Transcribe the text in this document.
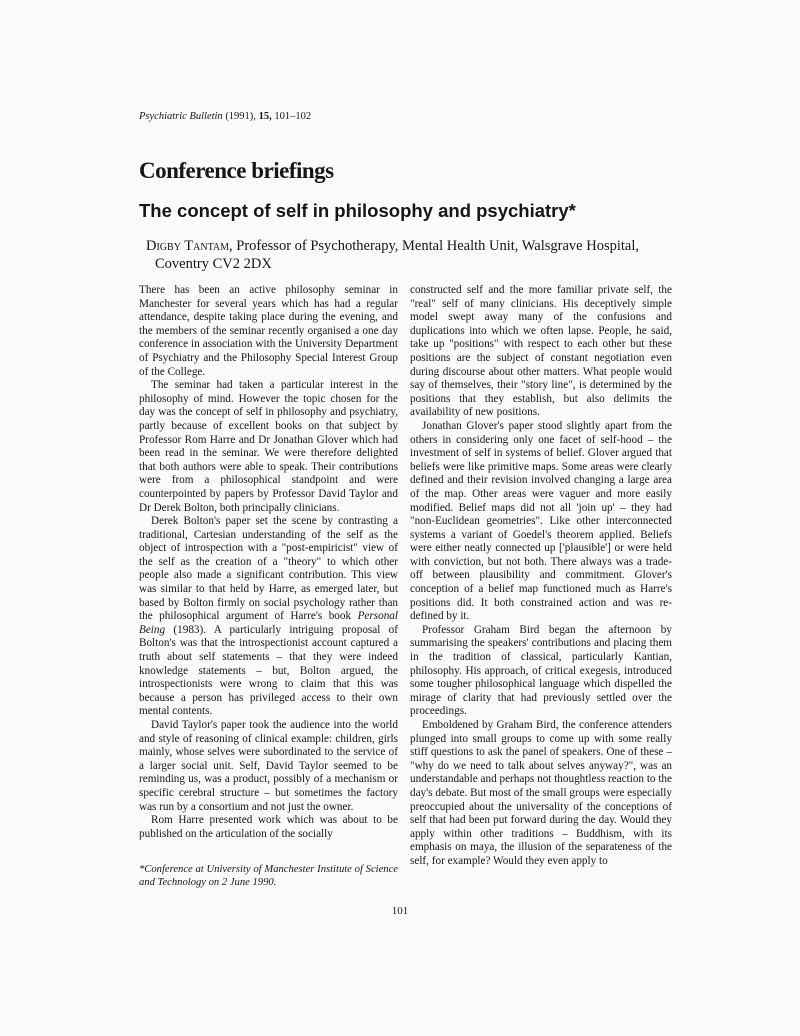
Psychiatric Bulletin (1991), 15, 101–102
Conference briefings
The concept of self in philosophy and psychiatry*
Digby Tantam, Professor of Psychotherapy, Mental Health Unit, Walsgrave Hospital,
Coventry CV2 2DX

There has been an active philosophy seminar in Manchester for several years which has had a regular attendance, despite taking place during the evening, and the members of the seminar recently organised a one day conference in association with the University Department of Psychiatry and the Philosophy Special Interest Group of the College.

The seminar had taken a particular interest in the philosophy of mind. However the topic chosen for the day was the concept of self in philosophy and psychiatry, partly because of excellent books on that subject by Professor Rom Harre and Dr Jonathan Glover which had been read in the seminar. We were therefore delighted that both authors were able to speak. Their contributions were from a philosophical standpoint and were counterpointed by papers by Professor David Taylor and Dr Derek Bolton, both principally clinicians.

Derek Bolton's paper set the scene by contrasting a traditional, Cartesian understanding of the self as the object of introspection with a "post-empiricist" view of the self as the creation of a "theory" to which other people also made a significant contribution. This view was similar to that held by Harre, as emerged later, but based by Bolton firmly on social psychology rather than the philosophical argument of Harre's book Personal Being (1983). A particularly intriguing proposal of Bolton's was that the introspectionist account captured a truth about self statements – that they were indeed knowledge statements – but, Bolton argued, the introspectionists were wrong to claim that this was because a person has privileged access to their own mental contents.

David Taylor's paper took the audience into the world and style of reasoning of clinical example: children, girls mainly, whose selves were subordinated to the service of a larger social unit. Self, David Taylor seemed to be reminding us, was a product, possibly of a mechanism or specific cerebral structure – but sometimes the factory was run by a consortium and not just the owner.

Rom Harre presented work which was about to be published on the articulation of the socially

*Conference at University of Manchester Institute of Science and Technology on 2 June 1990.

constructed self and the more familiar private self, the "real" self of many clinicians. His deceptively simple model swept away many of the confusions and duplications into which we often lapse. People, he said, take up "positions" with respect to each other but these positions are the subject of constant negotiation even during discourse about other matters. What people would say of themselves, their "story line", is determined by the positions that they establish, but also delimits the availability of new positions.

Jonathan Glover's paper stood slightly apart from the others in considering only one facet of self-hood – the investment of self in systems of belief. Glover argued that beliefs were like primitive maps. Some areas were clearly defined and their revision involved changing a large area of the map. Other areas were vaguer and more easily modified. Belief maps did not all 'join up' – they had "non-Euclidean geometries". Like other interconnected systems a variant of Goedel's theorem applied. Beliefs were either neatly connected up ['plausible'] or were held with conviction, but not both. There always was a trade-off between plausibility and commitment. Glover's conception of a belief map functioned much as Harre's positions did. It both constrained action and was re-defined by it.

Professor Graham Bird began the afternoon by summarising the speakers' contributions and placing them in the tradition of classical, particularly Kantian, philosophy. His approach, of critical exegesis, introduced some tougher philosophical language which dispelled the mirage of clarity that had previously settled over the proceedings.

Emboldened by Graham Bird, the conference attenders plunged into small groups to come up with some really stiff questions to ask the panel of speakers. One of these – "why do we need to talk about selves anyway?", was an understandable and perhaps not thoughtless reaction to the day's debate. But most of the small groups were especially preoccupied about the universality of the conceptions of self that had been put forward during the day. Would they apply within other traditions – Buddhism, with its emphasis on maya, the illusion of the separateness of the self, for example? Would they even apply to

101
